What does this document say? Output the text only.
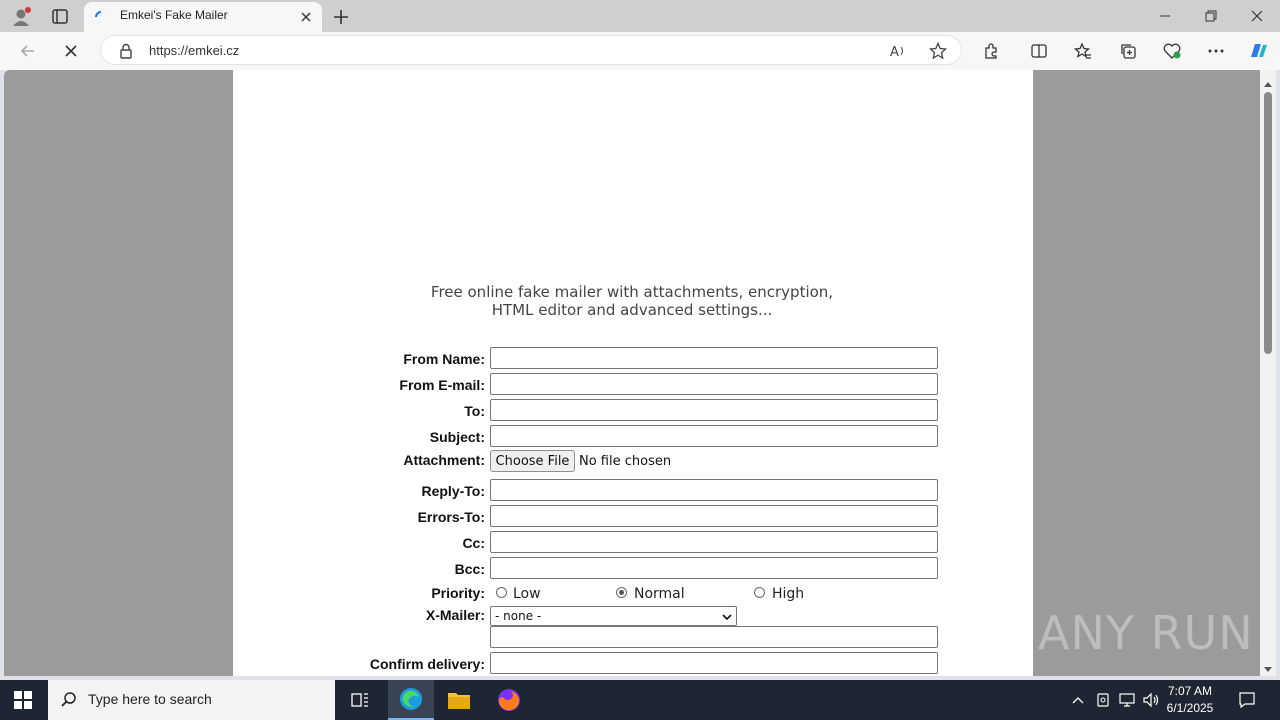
Emkei's Fake Mailer
https://emkei.cz	A
Free online fake mailer with attachments, encryption,
HTML editor and advanced settings...
From Name:
From E-mail:
To:
Subject:
Attachment: Choose File No file chosen
Reply-To:
Errors-To:
Cc:
Bcc:
Priority: Low	Normal	High
X-Mailer: - none -
Confirm delivery:
ANY RUN
Type here to search	7:07 AM
6/1/2025
